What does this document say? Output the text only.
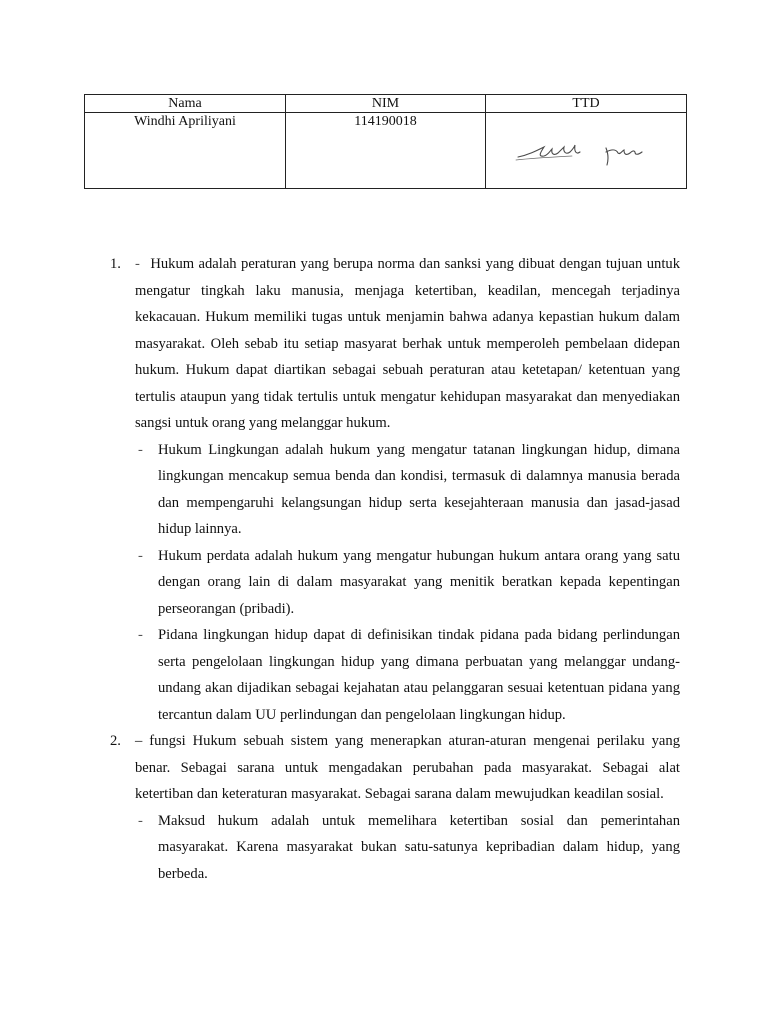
Nama	NIM	TTD
Windhi Apriliyani	114190018	
1. - Hukum adalah peraturan yang berupa norma dan sanksi yang dibuat dengan tujuan untuk mengatur tingkah laku manusia, menjaga ketertiban, keadilan, mencegah terjadinya kekacauan. Hukum memiliki tugas untuk menjamin bahwa adanya kepastian hukum dalam masyarakat. Oleh sebab itu setiap masyarat berhak untuk memperoleh pembelaan didepan hukum. Hukum dapat diartikan sebagai sebuah peraturan atau ketetapan/ ketentuan yang tertulis ataupun yang tidak tertulis untuk mengatur kehidupan masyarakat dan menyediakan sangsi untuk orang yang melanggar hukum.

- Hukum Lingkungan adalah hukum yang mengatur tatanan lingkungan hidup, dimana lingkungan mencakup semua benda dan kondisi, termasuk di dalamnya manusia berada dan mempengaruhi kelangsungan hidup serta kesejahteraan manusia dan jasad-jasad hidup lainnya.

- Hukum perdata adalah hukum yang mengatur hubungan hukum antara orang yang satu dengan orang lain di dalam masyarakat yang menitik beratkan kepada kepentingan perseorangan (pribadi).

- Pidana lingkungan hidup dapat di definisikan tindak pidana pada bidang perlindungan serta pengelolaan lingkungan hidup yang dimana perbuatan yang melanggar undang-undang akan dijadikan sebagai kejahatan atau pelanggaran sesuai ketentuan pidana yang tercantun dalam UU perlindungan dan pengelolaan lingkungan hidup.

2. – fungsi Hukum sebuah sistem yang menerapkan aturan-aturan mengenai perilaku yang benar. Sebagai sarana untuk mengadakan perubahan pada masyarakat. Sebagai alat ketertiban dan keteraturan masyarakat. Sebagai sarana dalam mewujudkan keadilan sosial.

- Maksud hukum adalah untuk memelihara ketertiban sosial dan pemerintahan masyarakat. Karena masyarakat bukan satu-satunya kepribadian dalam hidup, yang berbeda.
